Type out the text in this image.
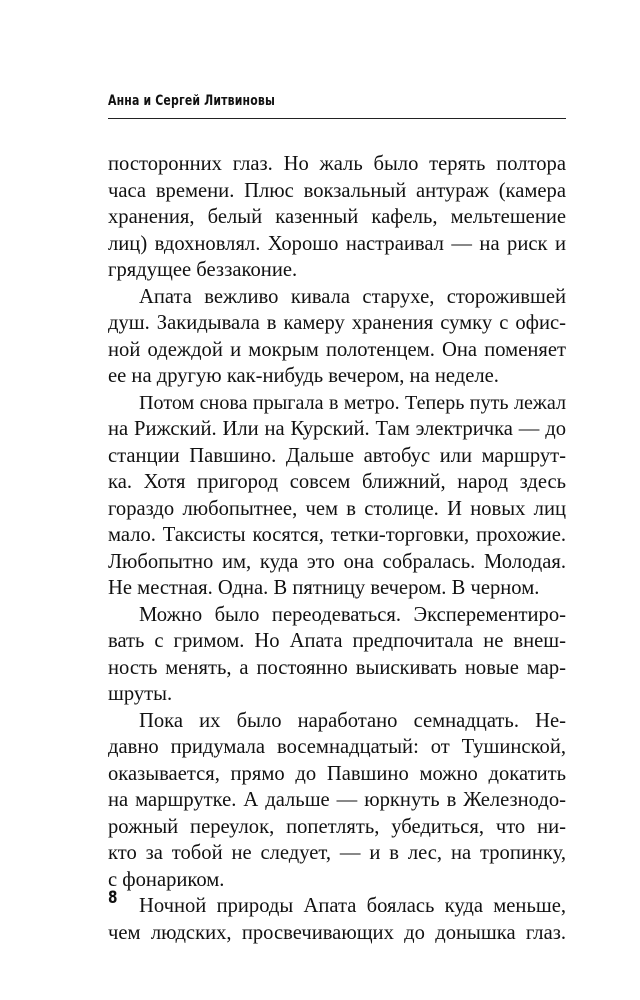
Анна и Сергей Литвиновы
посторонних глаз. Но жаль было терять полтора
часа времени. Плюс вокзальный антураж (камера
хранения, белый казенный кафель, мельтешение
лиц) вдохновлял. Хорошо настраивал — на риск и
грядущее беззаконие.
Апата вежливо кивала старухе, сторожившей
душ. Закидывала в камеру хранения сумку с офис-
ной одеждой и мокрым полотенцем. Она поменяет
ее на другую как-нибудь вечером, на неделе.
Потом снова прыгала в метро. Теперь путь лежал
на Рижский. Или на Курский. Там электричка — до
станции Павшино. Дальше автобус или маршрут-
ка. Хотя пригород совсем ближний, народ здесь
гораздо любопытнее, чем в столице. И новых лиц
мало. Таксисты косятся, тетки-торговки, прохожие.
Любопытно им, куда это она собралась. Молодая.
Не местная. Одна. В пятницу вечером. В черном.
Можно было переодеваться. Эксперементиро-
вать с гримом. Но Апата предпочитала не внеш-
ность менять, а постоянно выискивать новые мар-
шруты.
Пока их было наработано семнадцать. Не-
давно придумала восемнадцатый: от Тушинской,
оказывается, прямо до Павшино можно докатить
на маршрутке. А дальше — юркнуть в Железнодо-
рожный переулок, попетлять, убедиться, что ни-
кто за тобой не следует, — и в лес, на тропинку,
с фонариком.
Ночной природы Апата боялась куда меньше,
чем людских, просвечивающих до донышка глаз.
8
